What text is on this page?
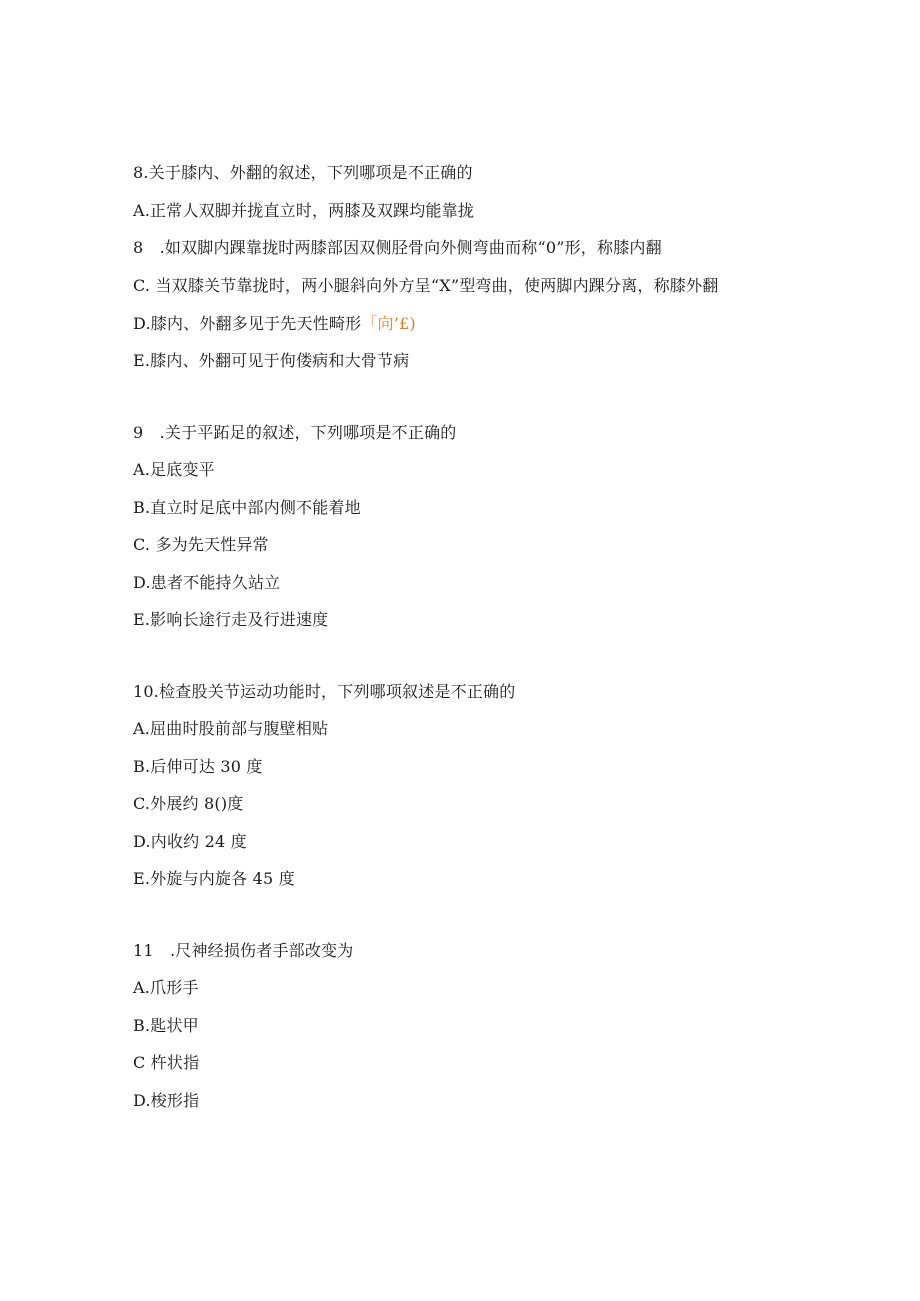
8.关于膝内、外翻的叙述，下列哪项是不正确的
A.正常人双脚并拢直立时，两膝及双踝均能靠拢
8　.如双脚内踝靠拢时两膝部因双侧胫骨向外侧弯曲而称“0”形，称膝内翻
C. 当双膝关节靠拢时，两小腿斜向外方呈“X”型弯曲，使两脚内踝分离，称膝外翻
D.膝内、外翻多见于先天性畸形「向’£)
E.膝内、外翻可见于佝偻病和大骨节病
9　.关于平跖足的叙述，下列哪项是不正确的
A.足底变平
B.直立时足底中部内侧不能着地
C. 多为先天性异常
D.患者不能持久站立
E.影响长途行走及行进速度
10.检查股关节运动功能时，下列哪项叙述是不正确的
A.屈曲时股前部与腹壁相贴
B.后伸可达 30 度
C.外展约 8()度
D.内收约 24 度
E.外旋与内旋各 45 度
11　.尺神经损伤者手部改变为
A.爪形手
B.匙状甲
C 杵状指
D.梭形指
